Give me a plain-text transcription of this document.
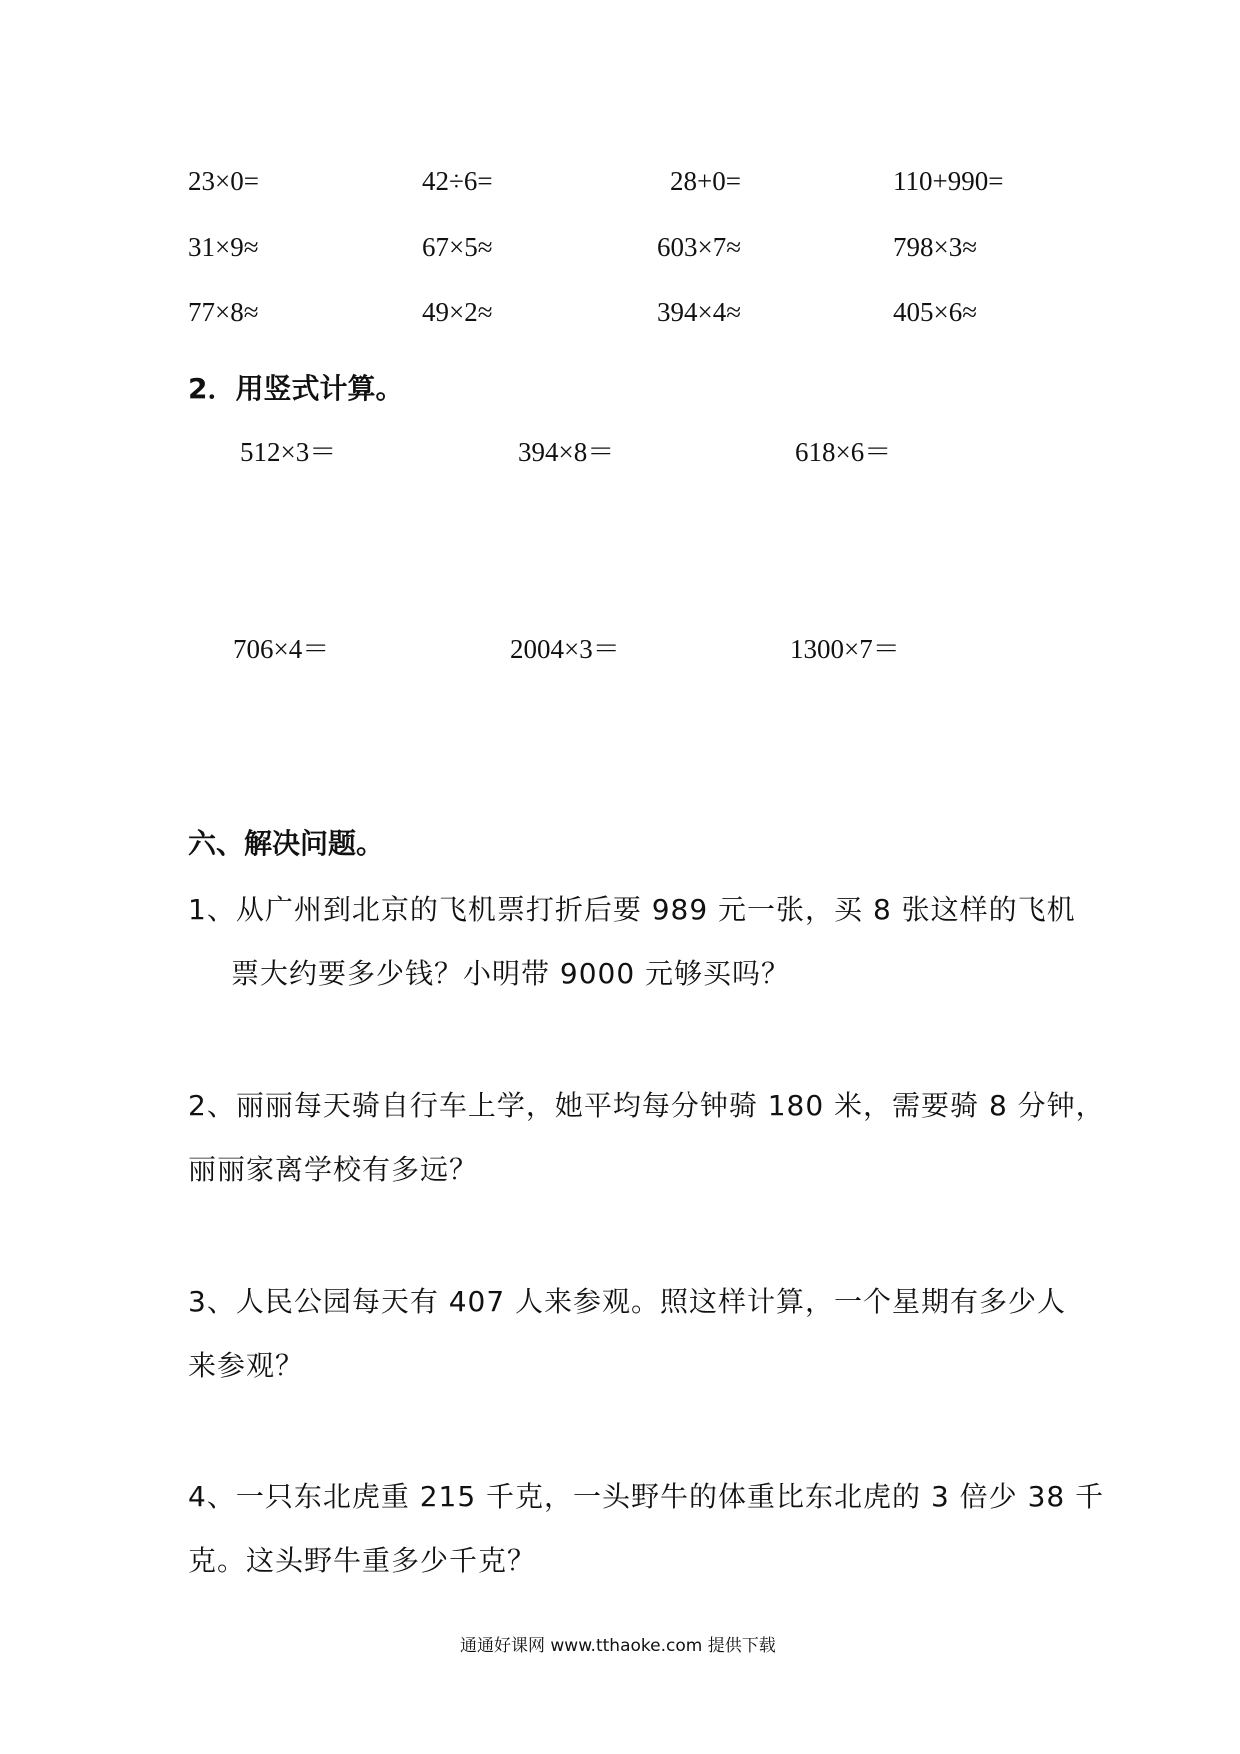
23×0=	42÷6=	28+0=	110+990=
31×9≈	67×5≈	603×7≈	798×3≈
77×8≈	49×2≈	394×4≈	405×6≈
2．用竖式计算。
512×3＝	394×8＝	618×6＝
706×4＝	2004×3＝	1300×7＝
六、解决问题。
1、从广州到北京的飞机票打折后要 989 元一张，买 8 张这样的飞机
票大约要多少钱？小明带 9000 元够买吗？
2、丽丽每天骑自行车上学，她平均每分钟骑 180 米，需要骑 8 分钟，
丽丽家离学校有多远？
3、人民公园每天有 407 人来参观。照这样计算，一个星期有多少人
来参观？
4、一只东北虎重 215 千克，一头野牛的体重比东北虎的 3 倍少 38 千
克。这头野牛重多少千克？
通通好课网 www.tthaoke.com 提供下载
